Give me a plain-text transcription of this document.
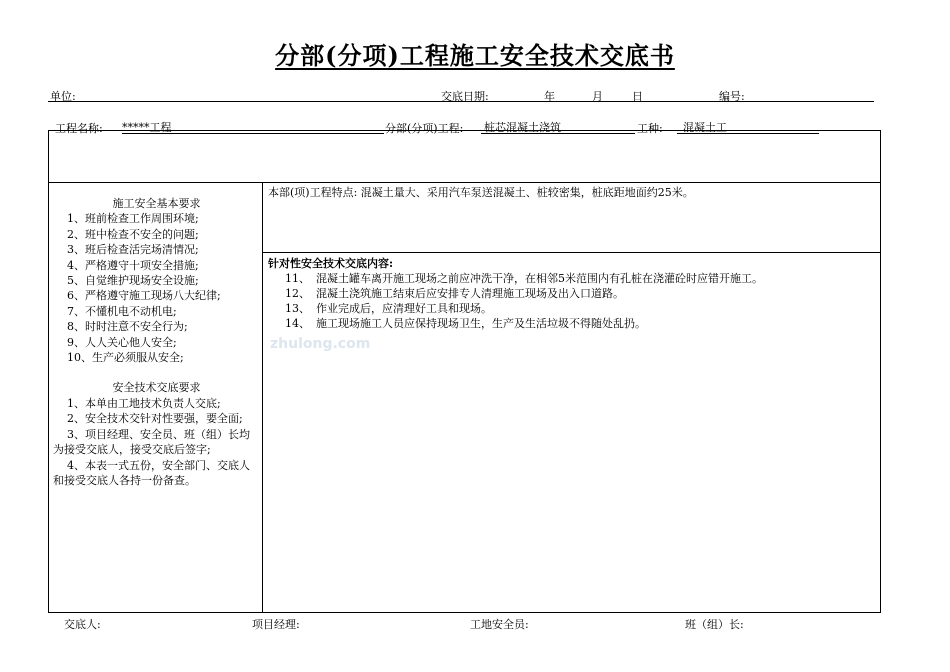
分部(分项)工程施工安全技术交底书
单位:	交底日期:	年	月	日	编号:
工程名称: *****工程	分部(分项)工程: 桩芯混凝土浇筑	工种:	混凝土工
施工安全基本要求
1、班前检查工作周围环境;
2、班中检查不安全的问题;
3、班后检查活完场清情况;
4、严格遵守十项安全措施;
5、自觉维护现场安全设施;
6、严格遵守施工现场八大纪律;
7、不懂机电不动机电;
8、时时注意不安全行为;
9、人人关心他人安全;
10、生产必须服从安全;
安全技术交底要求
1、本单由工地技术负责人交底;
2、安全技术交针对性要强，要全面;
3、项目经理、安全员、班（组）长均为接受交底人，接受交底后签字;
4、本表一式五份，安全部门、交底人和接受交底人各持一份备查。
本部(项)工程特点: 混凝土量大、采用汽车泵送混凝土、桩较密集，桩底距地面约25米。
针对性安全技术交底内容:
11、 混凝土罐车离开施工现场之前应冲洗干净，在相邻5米范围内有孔桩在浇灌砼时应错开施工。
12、 混凝土浇筑施工结束后应安排专人清理施工现场及出入口道路。
13、 作业完成后，应清理好工具和现场。
14、 施工现场施工人员应保持现场卫生，生产及生活垃圾不得随处乱扔。
zhulong.com
交底人:	项目经理:	工地安全员:	班（组）长:
